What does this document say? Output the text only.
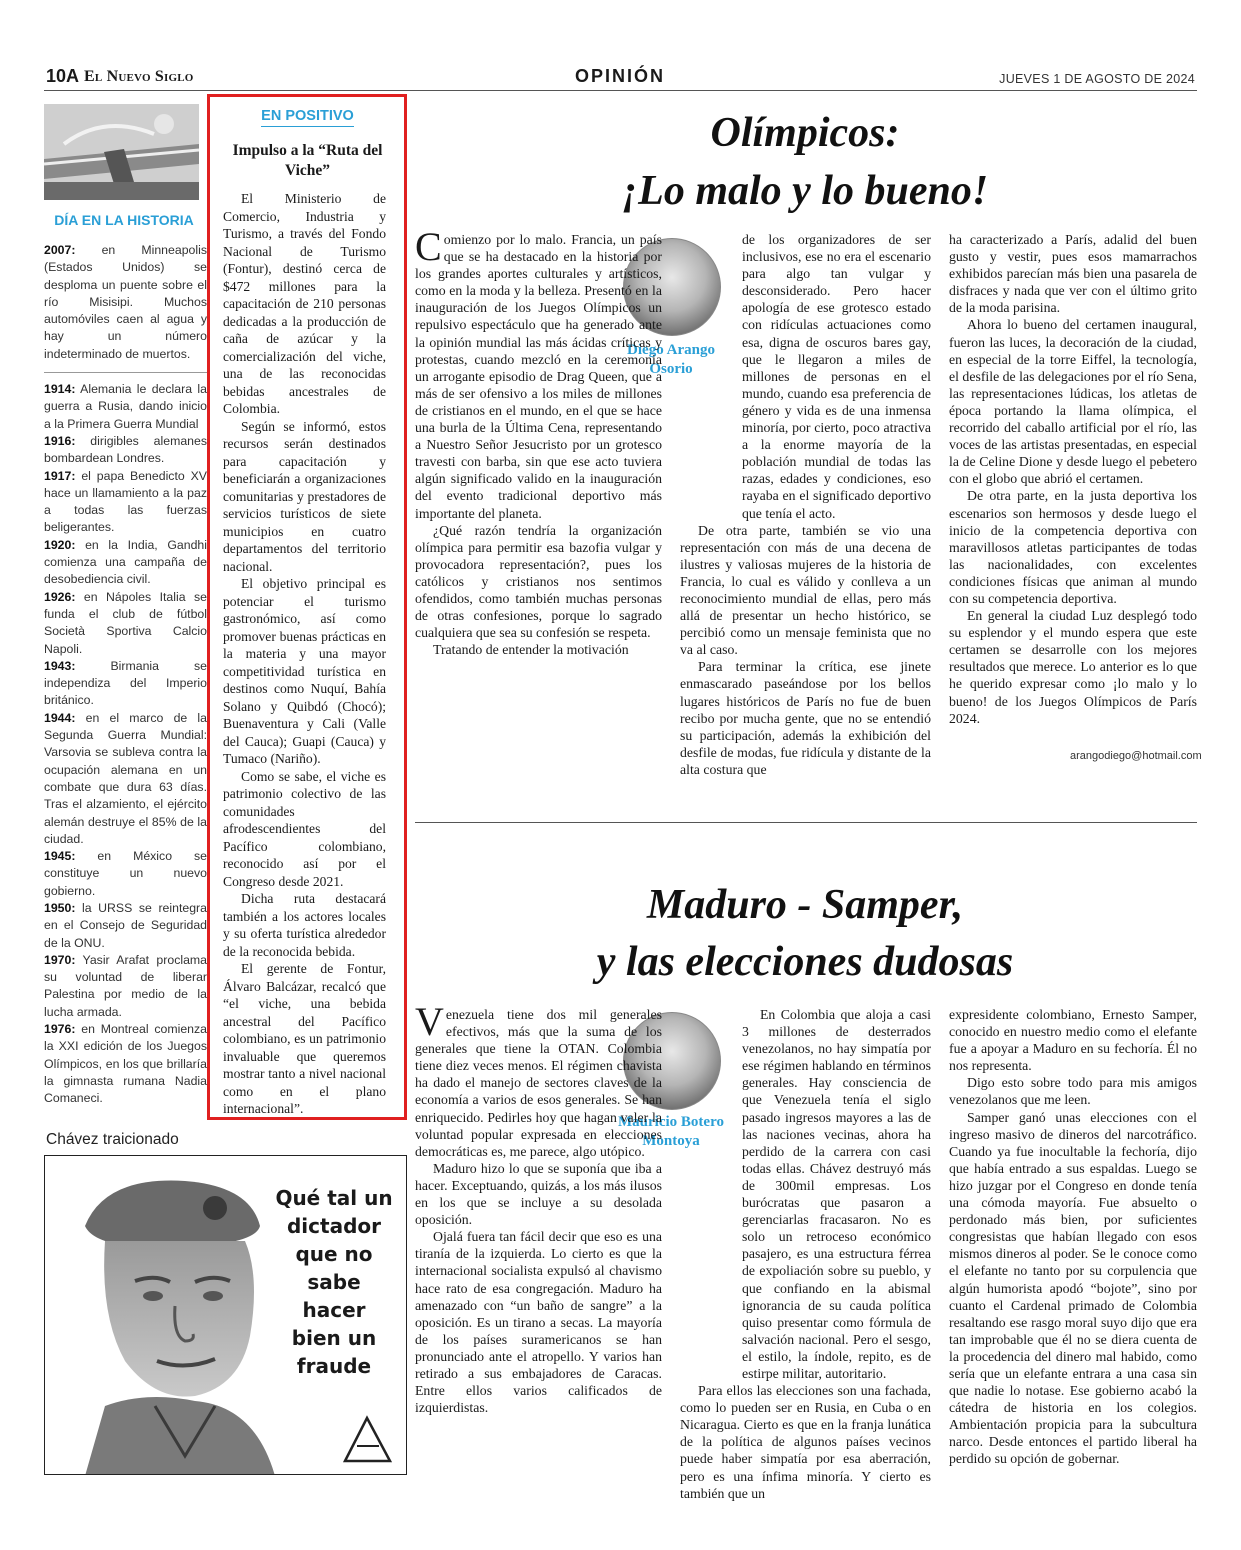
10A El Nuevo Siglo	OPINIÓN	JUEVES 1 DE AGOSTO DE 2024
DÍA EN LA HISTORIA

2007: en Minneapolis (Estados Unidos) se desploma un puente sobre el río Misisipi. Muchos automóviles caen al agua y hay un número indeterminado de muertos.

1914: Alemania le declara la guerra a Rusia, dando inicio a la Primera Guerra Mundial

1916: dirigibles alemanes bombardean Londres.

1917: el papa Benedicto XV hace un llamamiento a la paz a todas las fuerzas beligerantes.

1920: en la India, Gandhi comienza una campaña de desobediencia civil.

1926: en Nápoles Italia se funda el club de fútbol Società Sportiva Calcio Napoli.

1943: Birmania se independiza del Imperio británico.

1944: en el marco de la Segunda Guerra Mundial: Varsovia se subleva contra la ocupación alemana en un combate que dura 63 días. Tras el alzamiento, el ejército alemán destruye el 85% de la ciudad.

1945: en México se constituye un nuevo gobierno.

1950: la URSS se reintegra en el Consejo de Seguridad de la ONU.

1970: Yasir Arafat proclama su voluntad de liberar Palestina por medio de la lucha armada.

1976: en Montreal comienza la XXI edición de los Juegos Olímpicos, en los que brillaría la gimnasta rumana Nadia Comaneci.

EN POSITIVO
Impulso a la “Ruta del Viche”

El Ministerio de Comercio, Industria y Turismo, a través del Fondo Nacional de Turismo (Fontur), destinó cerca de $472 millones para la capacitación de 210 personas dedicadas a la producción de caña de azúcar y la comercialización del viche, una de las reconocidas bebidas ancestrales de Colombia.

Según se informó, estos recursos serán destinados para capacitación y beneficiarán a organizaciones comunitarias y prestadores de servicios turísticos de siete municipios en cuatro departamentos del territorio nacional.

El objetivo principal es potenciar el turismo gastronómico, así como promover buenas prácticas en la materia y una mayor competitividad turística en destinos como Nuquí, Bahía Solano y Quibdó (Chocó); Buenaventura y Cali (Valle del Cauca); Guapi (Cauca) y Tumaco (Nariño).

Como se sabe, el viche es patrimonio colectivo de las comunidades afrodescendientes del Pacífico colombiano, reconocido así por el Congreso desde 2021.

Dicha ruta destacará también a los actores locales y su oferta turística alrededor de la reconocida bebida.

El gerente de Fontur, Álvaro Balcázar, recalcó que “el viche, una bebida ancestral del Pacífico colombiano, es un patrimonio invaluable que queremos mostrar tanto a nivel nacional como en el plano internacional”.

Chávez traicionado
Qué tal un dictador que no sabe hacer bien un fraude
Olímpicos:
¡Lo malo y lo bueno!
Diego Arango Osorio

Comienzo por lo malo. Francia, un país que se ha destacado en la historia por los grandes aportes culturales y artísticos, como en la moda y la belleza. Presentó en la inauguración de los Juegos Olímpicos un repulsivo espectáculo que ha generado ante la opinión mundial las más ácidas críticas y protestas, cuando mezcló en la ceremonia un arrogante episodio de Drag Queen, que a más de ser ofensivo a los miles de millones de cristianos en el mundo, en el que se hace una burla de la Última Cena, representando a Nuestro Señor Jesucristo por un grotesco travesti con barba, sin que ese acto tuviera algún significado valido en la inauguración del evento tradicional deportivo más importante del planeta.

¿Qué razón tendría la organización olímpica para permitir esa bazofia vulgar y provocadora representación?, pues los católicos y cristianos nos sentimos ofendidos, como también muchas personas de otras confesiones, porque lo sagrado cualquiera que sea su confesión se respeta.

Tratando de entender la motivación

de los organizadores de ser inclusivos, ese no era el escenario para algo tan vulgar y desconsiderado. Pero hacer apología de ese grotesco estado con ridículas actuaciones como esa, digna de oscuros bares gay, que le llegaron a miles de millones de personas en el mundo, cuando esa preferencia de género y vida es de una inmensa minoría, por cierto, poco atractiva a la enorme mayoría de la población mundial de todas las razas, edades y condiciones, eso rayaba en el significado deportivo que tenía el acto.

De otra parte, también se vio una representación con más de una decena de ilustres y valiosas mujeres de la historia de Francia, lo cual es válido y conlleva a un reconocimiento mundial de ellas, pero más allá de presentar un hecho histórico, se percibió como un mensaje feminista que no va al caso.

Para terminar la crítica, ese jinete enmascarado paseándose por los bellos lugares históricos de París no fue de buen recibo por mucha gente, que no se entendió su participación, además la exhibición del desfile de modas, fue ridícula y distante de la alta costura que

ha caracterizado a París, adalid del buen gusto y vestir, pues esos mamarrachos exhibidos parecían más bien una pasarela de disfraces y nada que ver con el último grito de la moda parisina.

Ahora lo bueno del certamen inaugural, fueron las luces, la decoración de la ciudad, en especial de la torre Eiffel, la tecnología, el desfile de las delegaciones por el río Sena, las representaciones lúdicas, los atletas de época portando la llama olímpica, el recorrido del caballo artificial por el río, las voces de las artistas presentadas, en especial la de Celine Dione y desde luego el pebetero con el globo que abrió el certamen.

De otra parte, en la justa deportiva los escenarios son hermosos y desde luego el inicio de la competencia deportiva con maravillosos atletas participantes de todas las nacionalidades, con excelentes condiciones físicas que animan al mundo con su competencia deportiva.

En general la ciudad Luz desplegó todo su esplendor y el mundo espera que este certamen se desarrolle con los mejores resultados que merece. Lo anterior es lo que he querido expresar como ¡lo malo y lo bueno! de los Juegos Olímpicos de París 2024.

arangodiego@hotmail.com
Maduro - Samper,
y las elecciones dudosas
Mauricio Botero Montoya

Venezuela tiene dos mil generales efectivos, más que la suma de los generales que tiene la OTAN. Colombia tiene diez veces menos. El régimen chavista ha dado el manejo de sectores claves de la economía a varios de esos generales. Se han enriquecido. Pedirles hoy que hagan valer la voluntad popular expresada en elecciones democráticas es, me parece, algo utópico.

Maduro hizo lo que se suponía que iba a hacer. Exceptuando, quizás, a los más ilusos en los que se incluye a su desolada oposición.

Ojalá fuera tan fácil decir que eso es una tiranía de la izquierda. Lo cierto es que la internacional socialista expulsó al chavismo hace rato de esa congregación. Maduro ha amenazado con “un baño de sangre” a la oposición. Es un tirano a secas. La mayoría de los países suramericanos se han pronunciado ante el atropello. Y varios han retirado a sus embajadores de Caracas. Entre ellos varios calificados de izquierdistas.

En Colombia que aloja a casi 3 millones de desterrados venezolanos, no hay simpatía por ese régimen hablando en términos generales. Hay consciencia de que Venezuela tenía el siglo pasado ingresos mayores a las de las naciones vecinas, ahora ha perdido de la carrera con casi todas ellas. Chávez destruyó más de 300mil empresas. Los burócratas que pasaron a gerenciarlas fracasaron. No es solo un retroceso económico pasajero, es una estructura férrea de expoliación sobre su pueblo, y que confiando en la abismal ignorancia de su cauda política quiso presentar como fórmula de salvación nacional. Pero el sesgo, el estilo, la índole, repito, es de estirpe militar, autoritario.

Para ellos las elecciones son una fachada, como lo pueden ser en Rusia, en Cuba o en Nicaragua. Cierto es que en la franja lunática de la política de algunos países vecinos puede haber simpatía por esa aberración, pero es una ínfima minoría. Y cierto es también que un

expresidente colombiano, Ernesto Samper, conocido en nuestro medio como el elefante fue a apoyar a Maduro en su fechoría. Él no nos representa.

Digo esto sobre todo para mis amigos venezolanos que me leen.

Samper ganó unas elecciones con el ingreso masivo de dineros del narcotráfico. Cuando ya fue inocultable la fechoría, dijo que había entrado a sus espaldas. Luego se hizo juzgar por el Congreso en donde tenía una cómoda mayoría. Fue absuelto o perdonado más bien, por suficientes congresistas que habían llegado con esos mismos dineros al poder. Se le conoce como el elefante no tanto por su corpulencia que algún humorista apodó “bojote”, sino por cuanto el Cardenal primado de Colombia resaltando ese rasgo moral suyo dijo que era tan improbable que él no se diera cuenta de la procedencia del dinero mal habido, como sería que un elefante entrara a una casa sin que nadie lo notase. Ese gobierno acabó la cátedra de historia en los colegios. Ambientación propicia para la subcultura narco. Desde entonces el partido liberal ha perdido su opción de gobernar.
